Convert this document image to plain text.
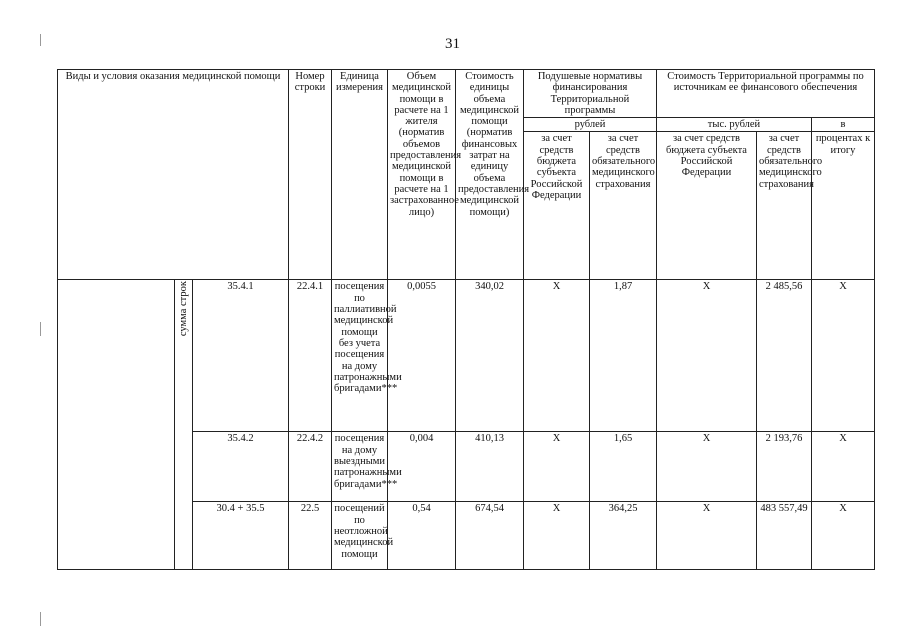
31
Виды и условия оказания медицинской помощи			Номер строки	Единица измерения	Объем медицинской помощи в расчете на 1 жителя (норматив объемов предоставления медицинской помощи в расчете на 1 застрахованное лицо)	Стоимость единицы объема медицинской помощи (норматив финансовых затрат на единицу объема предоставления медицинской помощи)	Подушевые нормативы финансирования Территориальной программы		Стоимость Территориальной программы по источникам ее финансового обеспечения		
							рублей		тыс. рублей		в
							за счет средств бюджета субъекта Российской Федерации	за счет средств обязательного медицинского страхования	за счет средств бюджета субъекта Российской Федерации	за счет средств обязательного медицинского страхования	процентах к итогу
	сумма строк	35.4.1	22.4.1	посещения по паллиативной медицинской помощи без учета посещения на дому патронажными бригадами***	0,0055	340,02	X	1,87	X	2 485,56	X
		35.4.2	22.4.2	посещения на дому выездными патронажными бригадами***	0,004	410,13	X	1,65	X	2 193,76	X
		30.4 + 35.5	22.5	посещений по неотложной медицинской помощи	0,54	674,54	X	364,25	X	483 557,49	X
